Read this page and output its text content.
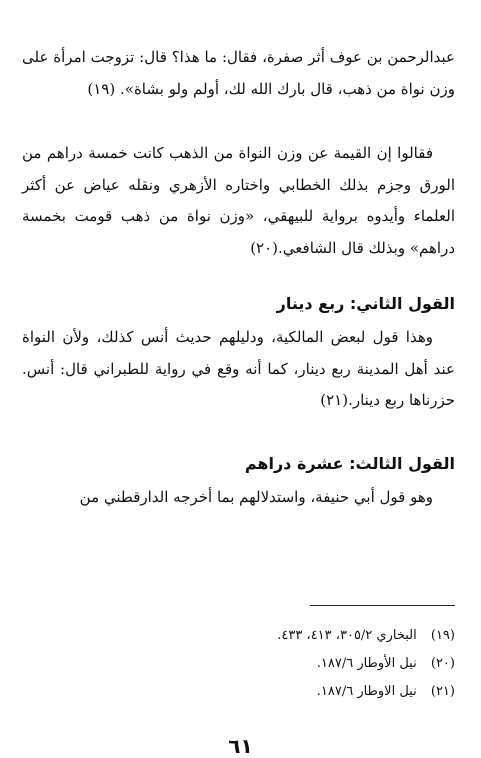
عبدالرحمن بن عوف أثر صفرة، فقال: ما هذا؟ قال: تزوجت امرأة على وزن نواة من ذهب، قال بارك الله لك، أولم ولو بشاة». (١٩)

فقالوا إن القيمة عن وزن النواة من الذهب كانت خمسة دراهم من الورق وجزم بذلك الخطابي واختاره الأزهري ونقله عياض عن أكثر العلماء وأيدوه برواية للبيهقي، «وزن نواة من ذهب قومت بخمسة دراهم» وبذلك قال الشافعي.(٢٠)

القول الثاني: ربع دينار

وهذا قول لبعض المالكية، ودليلهم حديث أنس كذلك، ولأن النواة عند أهل المدينة ربع دينار، كما أنه وقع في رواية للطبراني قال: أنس. حزرناها ربع دينار.(٢١)

القول الثالث: عشرة دراهم

وهو قول أبي حنيفة، واستدلالهم بما أخرجه الدارقطني من

(١٩) البخاري ٣٠٥/٢، ٤١٣، ٤٣٣.
(٢٠) نيل الأوطار ١٨٧/٦.
(٢١) نيل الاوطار ١٨٧/٦.
٦١
